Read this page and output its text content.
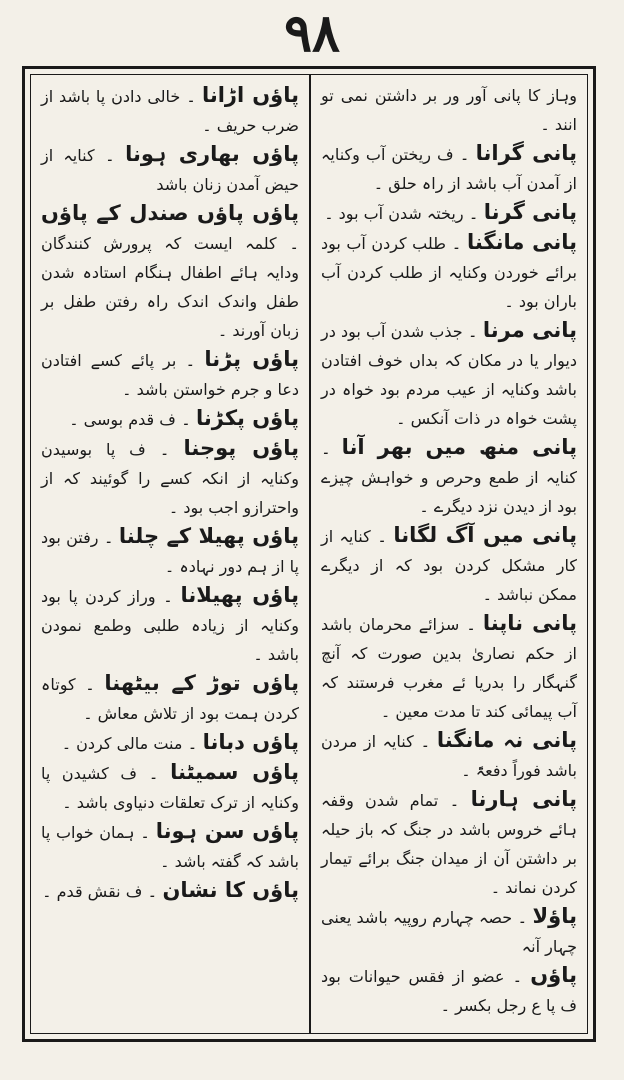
۹۸

پاؤں اڑانا ۔ خالی دادن پا باشد از ضرب حریف ۔

پاؤں بھاری ہونا ۔ کنایہ از حیض آمدن زنان باشد

پاؤں پاؤں صندل کے پاؤں ۔ کلمہ ایست کہ پرورش کنندگان ودایہ ہائے اطفال ہنگام استادہ شدن طفل واندک اندک راہ رفتن طفل بر زبان آورند ۔

پاؤں پڑنا ۔ بر پائے کسے افتادن دعا و جرم خواستن باشد ۔

پاؤں پکڑنا ۔ ف قدم بوسی ۔

پاؤں پوجنا ۔ ف پا بوسیدن وکنایہ از انکہ کسے را گوئیند کہ از واحترازو اجب بود ۔

پاؤں پھیلا کے چلنا ۔ رفتن بود پا از ہم دور نہادہ ۔

پاؤں پھیلانا ۔ وراز کردن پا بود وکنایہ از زیادہ طلبی وطمع نمودن باشد ۔

پاؤں توڑ کے بیٹھنا ۔ کوتاہ کردن ہمت بود از تلاش معاش ۔

پاؤں دبانا ۔ منت مالی کردن ۔

پاؤں سمیٹنا ۔ ف کشیدن پا وکنایہ از ترک تعلقات دنیاوی باشد ۔

پاؤں سن ہونا ۔ ہمان خواب پا باشد کہ گفتہ باشد ۔

پاؤں کا نشان ۔ ف نقش قدم ۔

وہاز کا پانی آور ور بر داشتن نمی تو انند ۔

پانی گرانا ۔ ف ریختن آب وکنایہ از آمدن آب باشد از راہ حلق ۔

پانی گرنا ۔ ریختہ شدن آب بود ۔

پانی مانگنا ۔ طلب کردن آب بود برائے خوردن وکنایہ از طلب کردن آب باران بود ۔

پانی مرنا ۔ جذب شدن آب بود در دیوار یا در مکان کہ بداں خوف افتادن باشد وکنایہ از عیب مردم بود خواہ در پشت خواہ در ذات آنکس ۔

پانی منھ میں بھر آنا ۔ کنایہ از طمع وحرص و خواہش چیزے بود از دیدن نزد دیگرے ۔

پانی میں آگ لگانا ۔ کنایہ از کار مشکل کردن بود کہ از دیگرے ممکن نباشد ۔

پانی ناپنا ۔ سزائے محرمان باشد از حکم نصاریٰ بدین صورت کہ آنچ گنہگار را بدریا ئے مغرب فرستند کہ آب پیمائی کند تا مدت معین ۔

پانی نہ مانگنا ۔ کنایہ از مردن باشد فوراً دفعۃً ۔

پانی ہارنا ۔ تمام شدن وقفہ ہائے خروس باشد در جنگ کہ باز حیلہ بر داشتن آن از میدان جنگ برائے تیمار کردن نماند ۔

پاؤلا ۔ حصہ چہارم روپیہ باشد یعنی چہار آنہ

پاؤں ۔ عضو از فقس حیوانات بود ف پا ع رجل بکسر ۔
